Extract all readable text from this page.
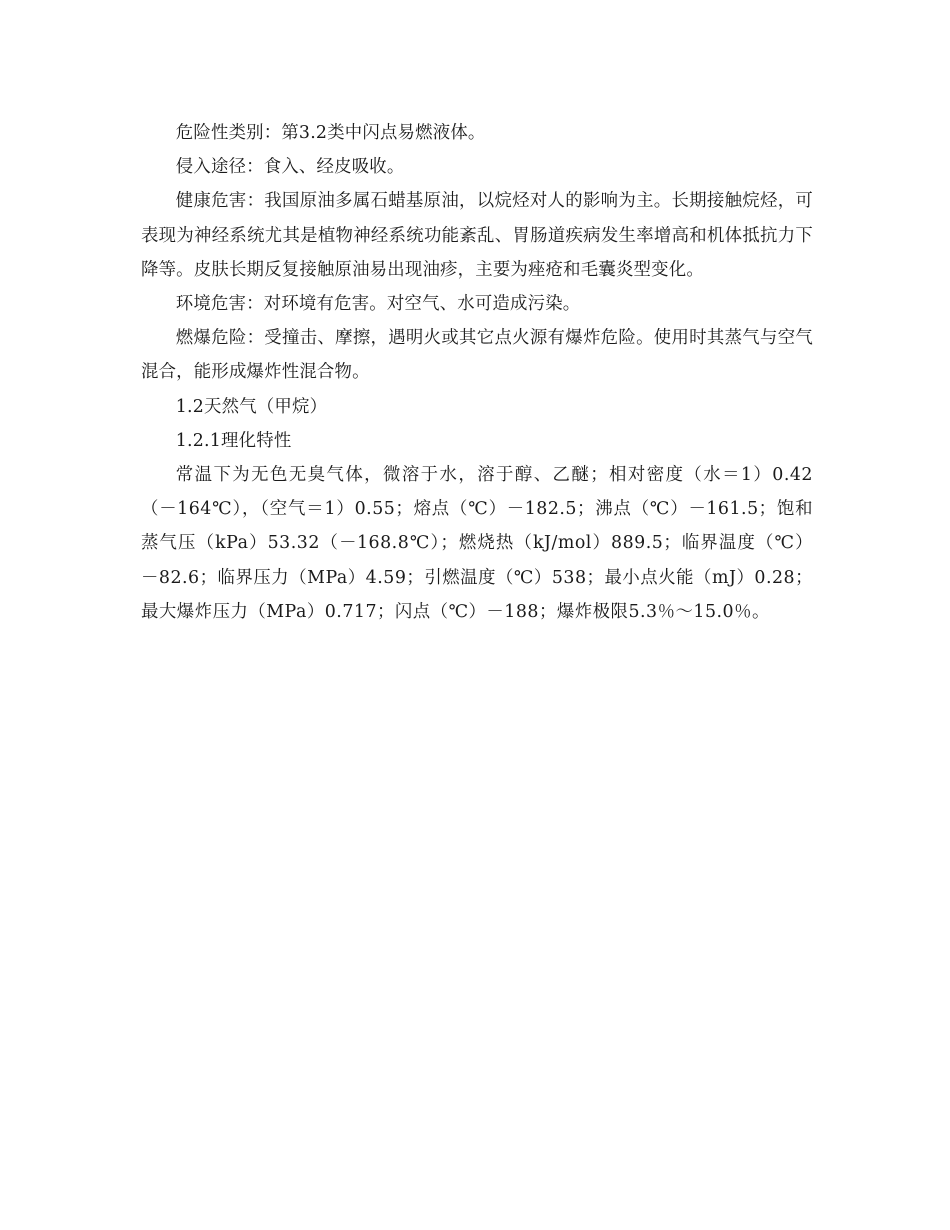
危险性类别：第3.2类中闪点易燃液体。

侵入途径：食入、经皮吸收。

健康危害：我国原油多属石蜡基原油，以烷烃对人的影响为主。长期接触烷烃，可表现为神经系统尤其是植物神经系统功能紊乱、胃肠道疾病发生率增高和机体抵抗力下降等。皮肤长期反复接触原油易出现油疹，主要为痤疮和毛囊炎型变化。

环境危害：对环境有危害。对空气、水可造成污染。

燃爆危险：受撞击、摩擦，遇明火或其它点火源有爆炸危险。使用时其蒸气与空气混合，能形成爆炸性混合物。

1.2天然气（甲烷）

1.2.1理化特性

常温下为无色无臭气体，微溶于水，溶于醇、乙醚；相对密度（水＝1）0.42（－164℃），（空气＝1）0.55；熔点（℃）－182.5；沸点（℃）－161.5；饱和蒸气压（kPa）53.32（－168.8℃）；燃烧热（kJ/mol）889.5；临界温度（℃）－82.6；临界压力（MPa）4.59；引燃温度（℃）538；最小点火能（mJ）0.28；最大爆炸压力（MPa）0.717；闪点（℃）－188；爆炸极限5.3％～15.0％。
